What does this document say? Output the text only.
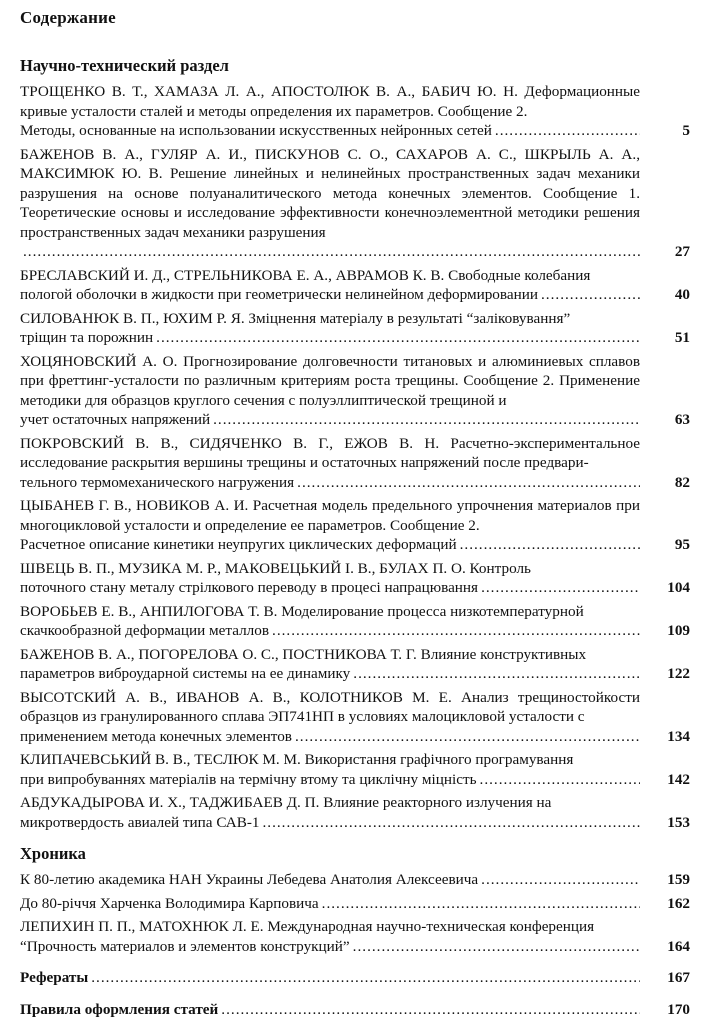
Содержание
Научно-технический раздел
ТРОЩЕНКО В. Т., ХАМАЗА Л. А., АПОСТОЛЮК В. А., БАБИЧ Ю. Н. Деформационные кривые усталости сталей и методы определения их параметров. Сообщение 2.
Методы, основанные на использовании искусственных нейронных сетей .....	5
БАЖЕНОВ В. А., ГУЛЯР А. И., ПИСКУНОВ С. О., САХАРОВ А. С., ШКРЫЛЬ А. А., МАКСИМЮК Ю. В. Решение линейных и нелинейных пространственных задач механики разрушения на основе полуаналитического метода конечных элементов. Сообщение 1. Теоретические основы и исследование эффективности конечноэлементной методики решения пространственных задач механики разрушения
.....
27
БРЕСЛАВСКИЙ И. Д., СТРЕЛЬНИКОВА Е. А., АВРАМОВ К. В. Свободные колебания
пологой оболочки в жидкости при геометрически нелинейном деформировании .....	40
СИЛОВАНЮК В. П., ЮХИМ Р. Я. Зміцнення матеріалу в результаті “заліковування”
тріщин та порожнин .....	51
ХОЦЯНОВСКИЙ А. О. Прогнозирование долговечности титановых и алюминиевых сплавов при фреттинг-усталости по различным критериям роста трещины. Сообщение 2. Применение методики для образцов круглого сечения с полуэллиптической трещиной и
учет остаточных напряжений .....	63
ПОКРОВСКИЙ В. В., СИДЯЧЕНКО В. Г., ЕЖОВ В. Н. Расчетно-экспериментальное исследование раскрытия вершины трещины и остаточных напряжений после предвари-
тельного термомеханического нагружения .....	82
ЦЫБАНЕВ Г. В., НОВИКОВ А. И. Расчетная модель предельного упрочнения материалов при многоцикловой усталости и определение ее параметров. Сообщение 2.
Расчетное описание кинетики неупругих циклических деформаций .....	95
ШВЕЦЬ В. П., МУЗИКА М. Р., МАКОВЕЦЬКИЙ І. В., БУЛАХ П. О. Контроль
поточного стану металу стрілкового переводу в процесі напрацювання .....	104
ВОРОБЬЕВ Е. В., АНПИЛОГОВА Т. В. Моделирование процесса низкотемпературной
скачкообразной деформации металлов .....	109
БАЖЕНОВ В. А., ПОГОРЕЛОВА О. С., ПОСТНИКОВА Т. Г. Влияние конструктивных
параметров виброударной системы на ее динамику .....	122
ВЫСОТСКИЙ А. В., ИВАНОВ А. В., КОЛОТНИКОВ М. Е. Анализ трещиностойкости образцов из гранулированного сплава ЭП741НП в условиях малоцикловой усталости с
применением метода конечных элементов .....	134
КЛИПАЧЕВСЬКИЙ В. В., ТЕСЛЮК М. М. Використання графічного програмування
при випробуваннях матеріалів на термічну втому та циклічну міцність .....	142
АБДУКАДЫРОВА И. Х., ТАДЖИБАЕВ Д. П. Влияние реакторного излучения на
микротвердость авиалей типа САВ-1 .....	153
Хроника
К 80-летию академика НАН Украины Лебедева Анатолия Алексеевича .....	159
До 80-річчя Харченка Володимира Карповича .....	162
ЛЕПИХИН П. П., МАТОХНЮК Л. Е. Международная научно-техническая конференция
“Прочность материалов и элементов конструкций” .....	164
Рефераты .....	167
Правила оформления статей .....	170
